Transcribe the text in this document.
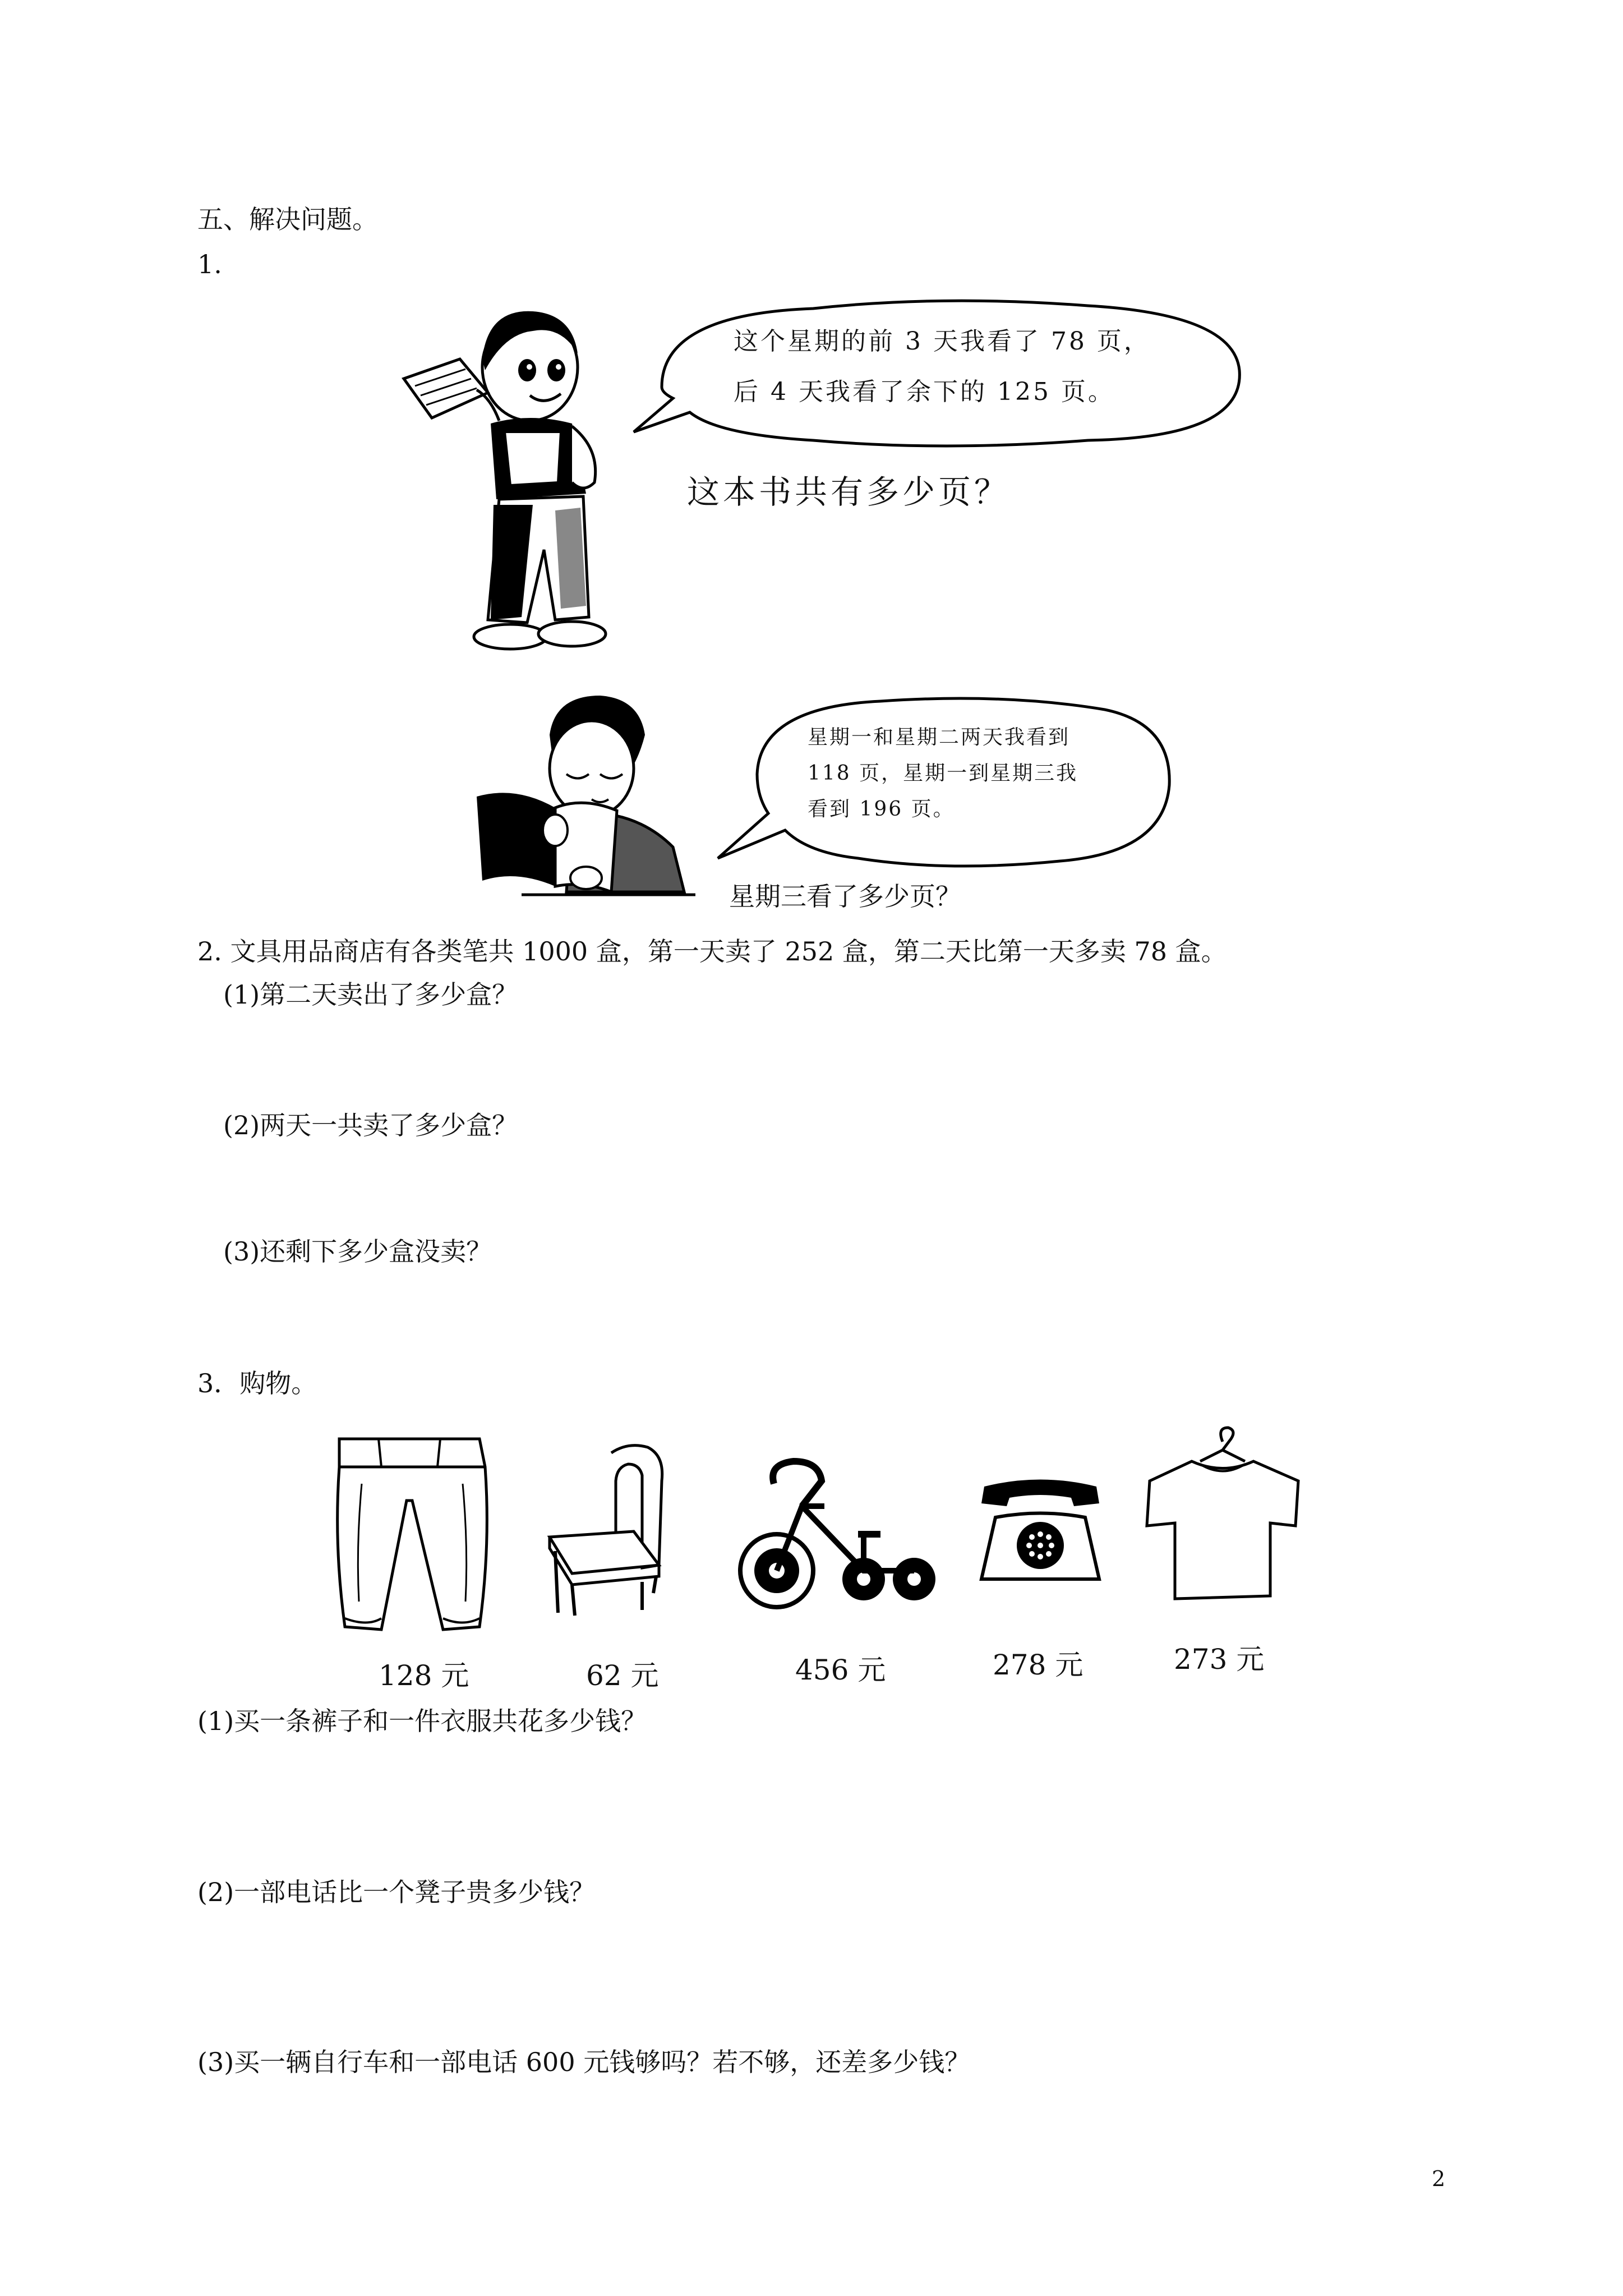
五、解决问题。
1.
这个星期的前 3 天我看了 78 页，
后 4 天我看了余下的 125 页。
这本书共有多少页？
星期一和星期二两天我看到
118 页，星期一到星期三我
看到 196 页。
星期三看了多少页？
2. 文具用品商店有各类笔共 1000 盒，第一天卖了 252 盒，第二天比第一天多卖 78 盒。
(1)第二天卖出了多少盒？
(2)两天一共卖了多少盒？
(3)还剩下多少盒没卖？
3．购物。
128 元	62 元	456 元	278 元	273 元
(1)买一条裤子和一件衣服共花多少钱？
(2)一部电话比一个凳子贵多少钱？
(3)买一辆自行车和一部电话 600 元钱够吗？若不够，还差多少钱？
2
